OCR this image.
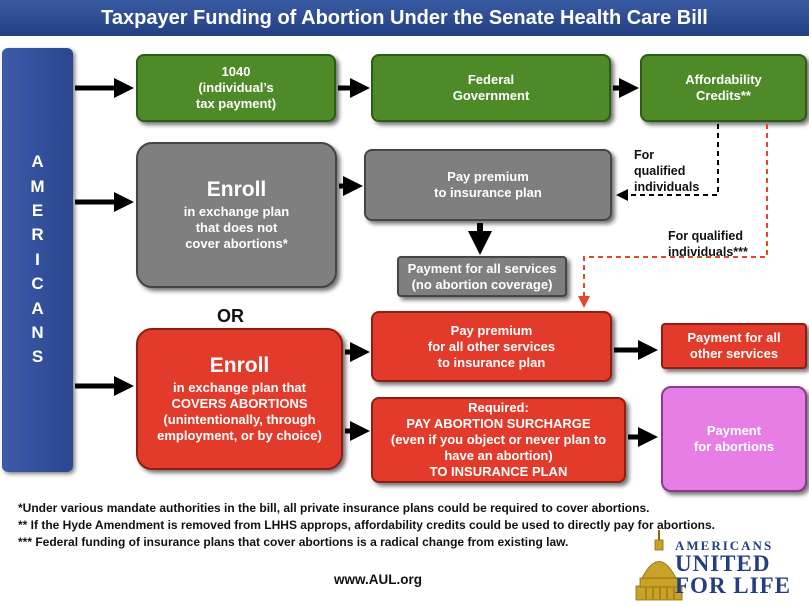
Taxpayer Funding of Abortion Under the Senate Health Care Bill
A
M
E
R
I
C
A
N
S
1040
(individual’s
tax payment)
Federal
Government
Affordability
Credits**
Enroll
in exchange plan
that does not
cover abortions*
Pay premium
to insurance plan
Payment for all services
(no abortion coverage)
OR
Enroll
in exchange plan that
COVERS ABORTIONS
(unintentionally, through
employment, or by choice)
Pay premium
for all other services
to insurance plan
Payment for all
other services
Required:
PAY ABORTION SURCHARGE
(even if you object or never plan to
have an abortion)
TO INSURANCE PLAN
Payment
for abortions
For
qualified
individuals
For qualified
individuals***
*Under various mandate authorities in the bill, all private insurance plans could be required to cover abortions.
** If the Hyde Amendment is removed from LHHS approps, affordability credits could be used to directly pay for abortions.
*** Federal funding of insurance plans that cover abortions is a radical change from existing law.
www.AUL.org
AMERICANS
UNITED
FOR LIFE
